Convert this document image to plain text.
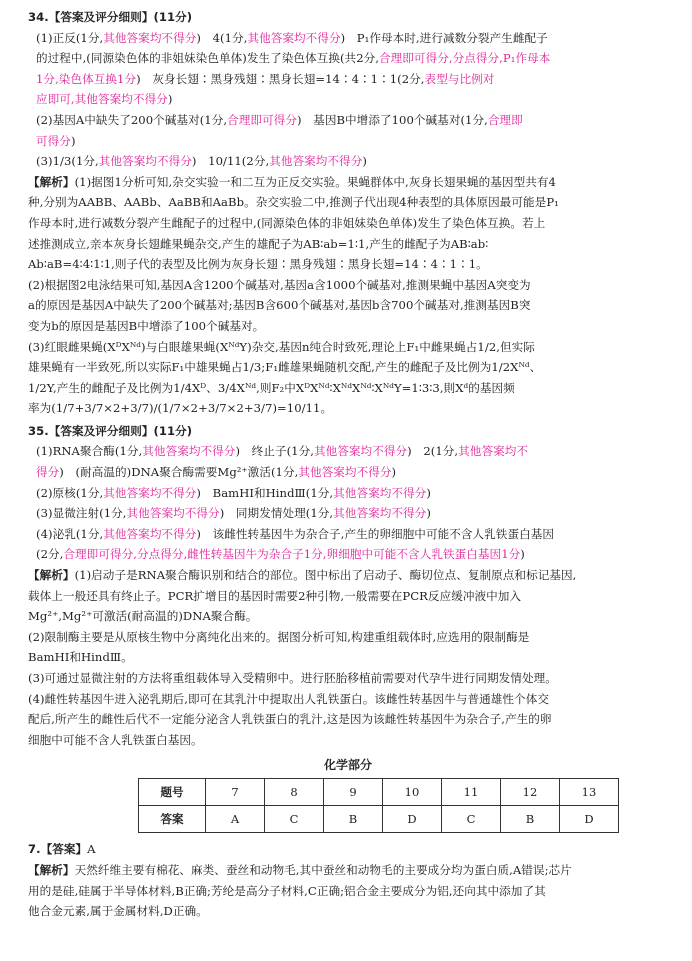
34.【答案及评分细则】(11分)
(1)正反(1分,其他答案均不得分)　4(1分,其他答案均不得分)　P₁作母本时,进行减数分裂产生雌配子
的过程中,(同源染色体的非姐妹染色单体)发生了染色体互换(共2分,合理即可得分,分点得分,P₁作母本
1分,染色体互换1分)　灰身长翅∶黑身残翅∶黑身长翅=14∶4∶1∶1(2分,表型与比例对
应即可,其他答案均不得分)
(2)基因A中缺失了200个碱基对(1分,合理即可得分)　基因B中增添了100个碱基对(1分,合理即
可得分)
(3)1/3(1分,其他答案均不得分)　10/11(2分,其他答案均不得分)
【解析】(1)据图1分析可知,杂交实验一和二互为正反交实验。果蝇群体中,灰身长翅果蝇的基因型共有4
种,分别为AABB、AABb、AaBB和AaBb。杂交实验二中,推测子代出现4种表型的具体原因最可能是P₁
作母本时,进行减数分裂产生雌配子的过程中,(同源染色体的非姐妹染色单体)发生了染色体互换。若上
述推测成立,亲本灰身长翅雌果蝇杂交,产生的雄配子为AB∶ab=1∶1,产生的雌配子为AB∶ab∶
Ab∶aB=4∶4∶1∶1,则子代的表型及比例为灰身长翅∶黑身残翅∶黑身长翅=14∶4∶1∶1。
(2)根据图2电泳结果可知,基因A含1200个碱基对,基因a含1000个碱基对,推测果蝇中基因A突变为
a的原因是基因A中缺失了200个碱基对;基因B含600个碱基对,基因b含700个碱基对,推测基因B突
变为b的原因是基因B中增添了100个碱基对。
(3)红眼雌果蝇(XᴰXᴺᵈ)与白眼雄果蝇(XᴺᵈY)杂交,基因n纯合时致死,理论上F₁中雌果蝇占1/2,但实际
雄果蝇有一半致死,所以实际F₁中雄果蝇占1/3;F₁雌雄果蝇随机交配,产生的雌配子及比例为1/2Xᴺᵈ、
1/2Y,产生的雌配子及比例为1/4Xᴰ、3/4Xᴺᵈ,则F₂中XᴰXᴺᵈ∶XᴺᵈXᴺᵈ∶XᴺᵈY=1∶3∶3,則Xᵈ的基因频
率为(1/7+3/7×2+3/7)/(1/7×2+3/7×2+3/7)=10/11。
35.【答案及评分细则】(11分)
(1)RNA聚合酶(1分,其他答案均不得分)　终止子(1分,其他答案均不得分)　2(1分,其他答案均不
得分)　(耐高温的)DNA聚合酶需要Mg²⁺激活(1分,其他答案均不得分)
(2)原核(1分,其他答案均不得分)　BamHⅠ和HindⅢ(1分,其他答案均不得分)
(3)显微注射(1分,其他答案均不得分)　同期发情处理(1分,其他答案均不得分)
(4)泌乳(1分,其他答案均不得分)　该雌性转基因牛为杂合子,产生的卵细胞中可能不含人乳铁蛋白基因
(2分,合理即可得分,分点得分,雌性转基因牛为杂合子1分,卵细胞中可能不含人乳铁蛋白基因1分)
【解析】(1)启动子是RNA聚合酶识别和结合的部位。图中标出了启动子、酶切位点、复制原点和标记基因,
载体上一般还具有终止子。PCR扩增目的基因时需要2种引物,一般需要在PCR反应缓冲液中加入
Mg²⁺,Mg²⁺可激活(耐高温的)DNA聚合酶。
(2)限制酶主要是从原核生物中分离纯化出来的。据图分析可知,构建重组载体时,应选用的限制酶是
BamHⅠ和HindⅢ。
(3)可通过显微注射的方法将重组载体导入受精卵中。进行胚胎移植前需要对代孕牛进行同期发情处理。
(4)雌性转基因牛进入泌乳期后,即可在其乳汁中提取出人乳铁蛋白。该雌性转基因牛与普通雄性个体交
配后,所产生的雌性后代不一定能分泌含人乳铁蛋白的乳汁,这是因为该雌性转基因牛为杂合子,产生的卵
细胞中可能不含人乳铁蛋白基因。
化学部分
题号	7	8	9	10	11	12	13
答案	A	C	B	D	C	B	D
7.【答案】A
【解析】天然纤维主要有棉花、麻类、蚕丝和动物毛,其中蚕丝和动物毛的主要成分均为蛋白质,A错误;芯片
用的是硅,硅属于半导体材料,B正确;芳纶是高分子材料,C正确;铝合金主要成分为铝,还向其中添加了其
他合金元素,属于金属材料,D正确。
